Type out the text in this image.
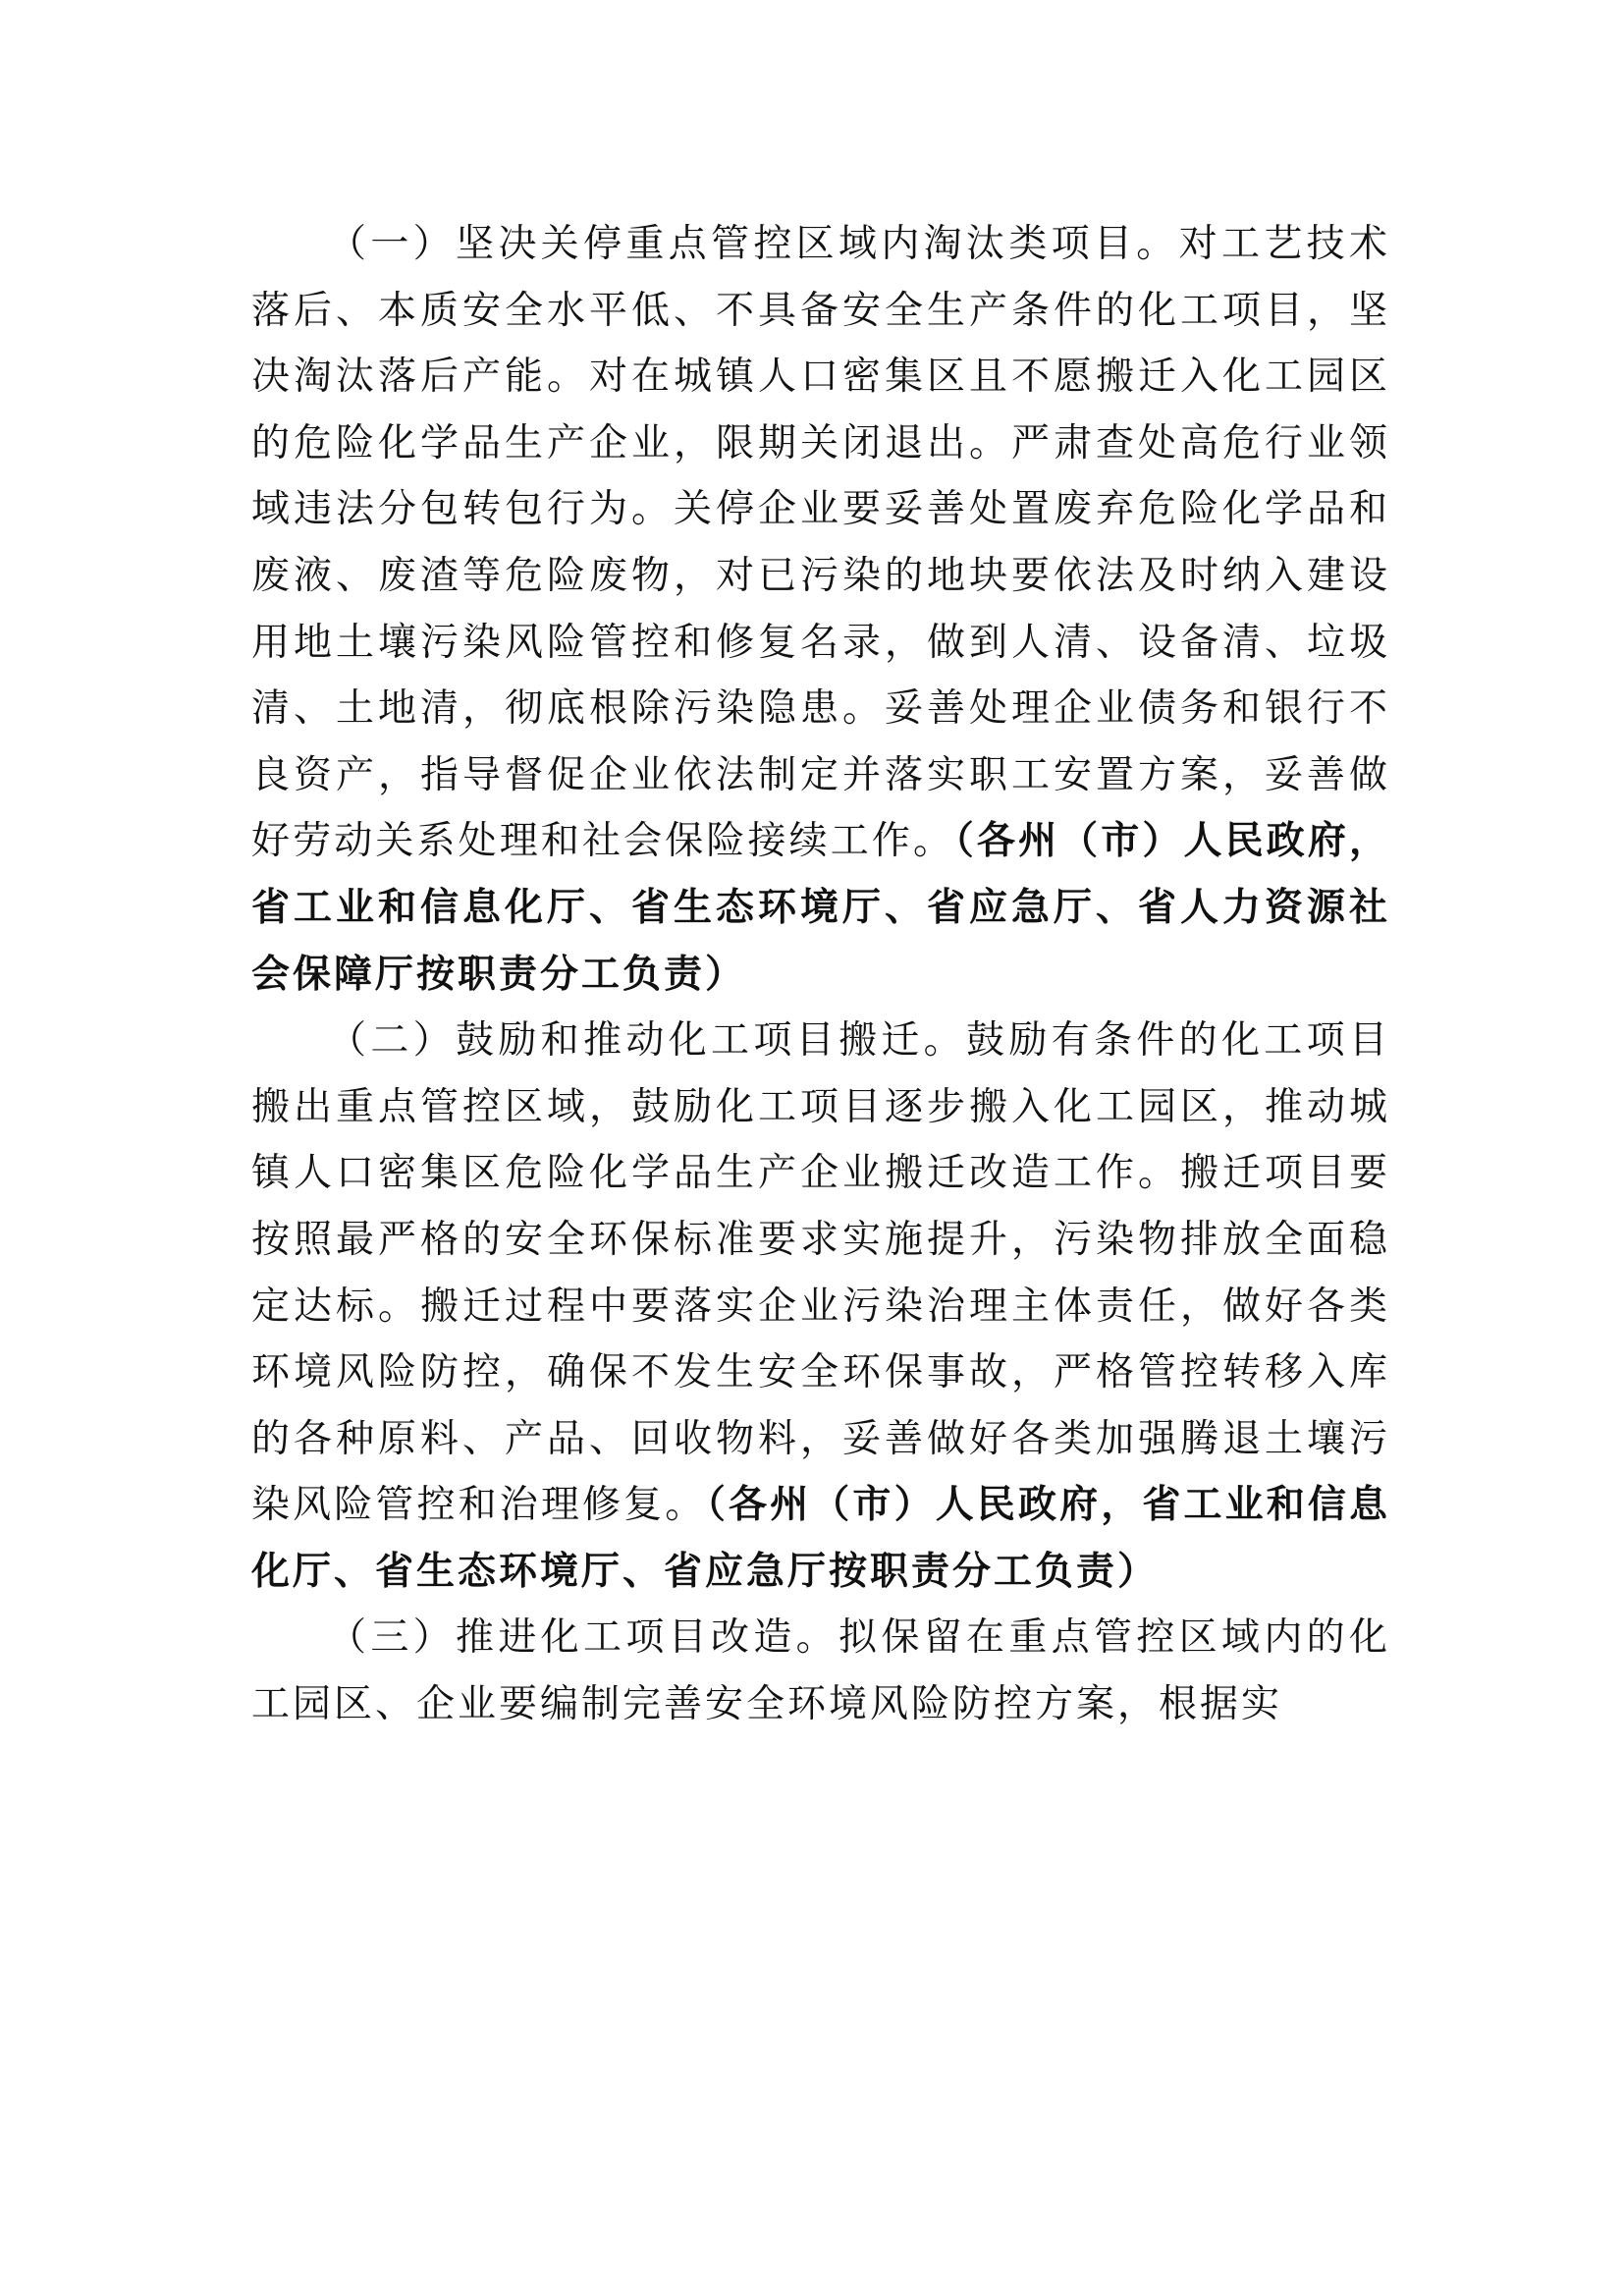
（一）坚决关停重点管控区域内淘汰类项目。对工艺技术落后、本质安全水平低、不具备安全生产条件的化工项目，坚决淘汰落后产能。对在城镇人口密集区且不愿搬迁入化工园区的危险化学品生产企业，限期关闭退出。严肃查处高危行业领域违法分包转包行为。关停企业要妥善处置废弃危险化学品和废液、废渣等危险废物，对已污染的地块要依法及时纳入建设用地土壤污染风险管控和修复名录，做到人清、设备清、垃圾清、土地清，彻底根除污染隐患。妥善处理企业债务和银行不良资产，指导督促企业依法制定并落实职工安置方案，妥善做好劳动关系处理和社会保险接续工作。（各州（市）人民政府，省工业和信息化厅、省生态环境厅、省应急厅、省人力资源社会保障厅按职责分工负责）

（二）鼓励和推动化工项目搬迁。鼓励有条件的化工项目搬出重点管控区域，鼓励化工项目逐步搬入化工园区，推动城镇人口密集区危险化学品生产企业搬迁改造工作。搬迁项目要按照最严格的安全环保标准要求实施提升，污染物排放全面稳定达标。搬迁过程中要落实企业污染治理主体责任，做好各类环境风险防控，确保不发生安全环保事故，严格管控转移入库的各种原料、产品、回收物料，妥善做好各类加强腾退土壤污染风险管控和治理修复。（各州（市）人民政府，省工业和信息化厅、省生态环境厅、省应急厅按职责分工负责）

（三）推进化工项目改造。拟保留在重点管控区域内的化工园区、企业要编制完善安全环境风险防控方案，根据实
